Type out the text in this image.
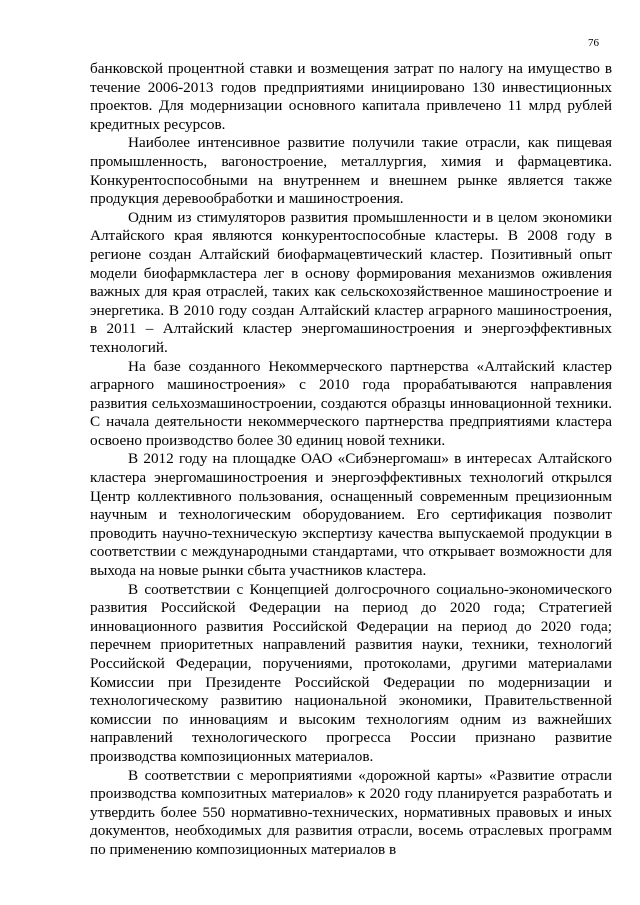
76

банковской процентной ставки и возмещения затрат по налогу на имущество в течение 2006-2013 годов предприятиями инициировано 130 инвестиционных проектов. Для модернизации основного капитала привлечено 11 млрд рублей кредитных ресурсов.

Наиболее интенсивное развитие получили такие отрасли, как пищевая промышленность, вагоностроение, металлургия, химия и фармацевтика. Конкурентоспособными на внутреннем и внешнем рынке является также продукция деревообработки и машиностроения.

Одним из стимуляторов развития промышленности и в целом экономики Алтайского края являются конкурентоспособные кластеры. В 2008 году в регионе создан Алтайский биофармацевтический кластер. Позитивный опыт модели биофармкластера лег в основу формирования механизмов оживления важных для края отраслей, таких как сельскохозяйственное машиностроение и энергетика. В 2010 году создан Алтайский кластер аграрного машиностроения, в 2011 – Алтайский кластер энергомашиностроения и энергоэффективных технологий.

На базе созданного Некоммерческого партнерства «Алтайский кластер аграрного машиностроения» с 2010 года прорабатываются направления развития сельхозмашиностроении, создаются образцы инновационной техники. С начала деятельности некоммерческого партнерства предприятиями кластера освоено производство более 30 единиц новой техники.

В 2012 году на площадке ОАО «Сибэнергомаш» в интересах Алтайского кластера энергомашиностроения и энергоэффективных технологий открылся Центр коллективного пользования, оснащенный современным прецизионным научным и технологическим оборудованием. Его сертификация позволит проводить научно-техническую экспертизу качества выпускаемой продукции в соответствии с международными стандартами, что открывает возможности для выхода на новые рынки сбыта участников кластера.

В соответствии с Концепцией долгосрочного социально-экономического развития Российской Федерации на период до 2020 года; Стратегией инновационного развития Российской Федерации на период до 2020 года; перечнем приоритетных направлений развития науки, техники, технологий Российской Федерации, поручениями, протоколами, другими материалами Комиссии при Президенте Российской Федерации по модернизации и технологическому развитию национальной экономики, Правительственной комиссии по инновациям и высоким технологиям одним из важнейших направлений технологического прогресса России признано развитие производства композиционных материалов.

В соответствии с мероприятиями «дорожной карты» «Развитие отрасли производства композитных материалов» к 2020 году планируется разработать и утвердить более 550 нормативно-технических, нормативных правовых и иных документов, необходимых для развития отрасли, восемь отраслевых программ по применению композиционных материалов в
